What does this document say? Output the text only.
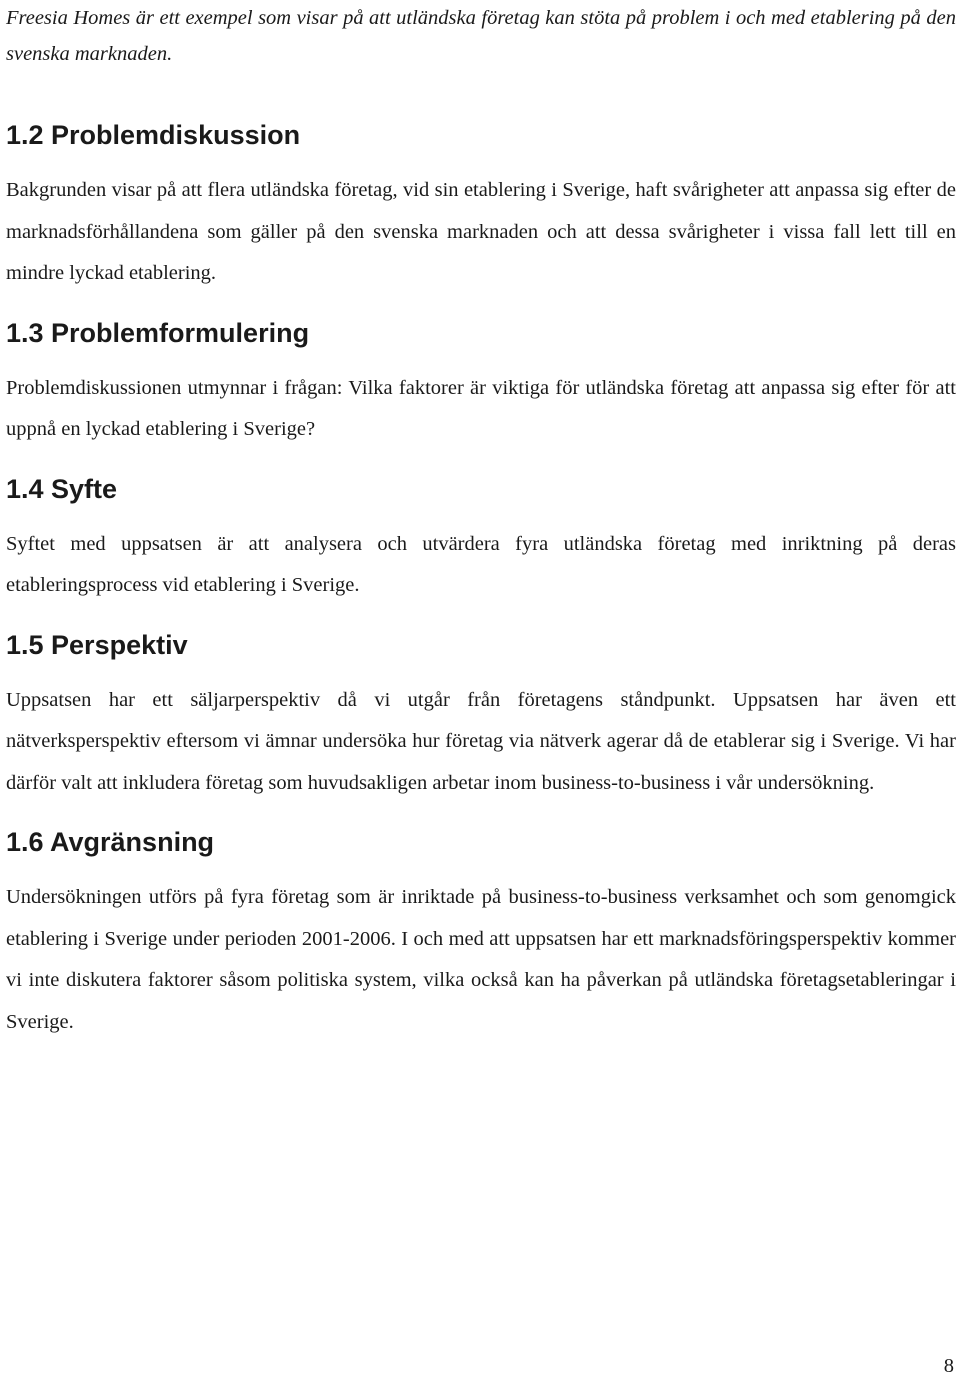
Freesia Homes är ett exempel som visar på att utländska företag kan stöta på problem i och med etablering på den svenska marknaden.

1.2 Problemdiskussion

Bakgrunden visar på att flera utländska företag, vid sin etablering i Sverige, haft svårigheter att anpassa sig efter de marknadsförhållandena som gäller på den svenska marknaden och att dessa svårigheter i vissa fall lett till en mindre lyckad etablering.

1.3 Problemformulering

Problemdiskussionen utmynnar i frågan: Vilka faktorer är viktiga för utländska företag att anpassa sig efter för att uppnå en lyckad etablering i Sverige?

1.4 Syfte

Syftet med uppsatsen är att analysera och utvärdera fyra utländska företag med inriktning på deras etableringsprocess vid etablering i Sverige.

1.5 Perspektiv

Uppsatsen har ett säljarperspektiv då vi utgår från företagens ståndpunkt. Uppsatsen har även ett nätverksperspektiv eftersom vi ämnar undersöka hur företag via nätverk agerar då de etablerar sig i Sverige. Vi har därför valt att inkludera företag som huvudsakligen arbetar inom business-to-business i vår undersökning.

1.6 Avgränsning

Undersökningen utförs på fyra företag som är inriktade på business-to-business verksamhet och som genomgick etablering i Sverige under perioden 2001-2006. I och med att uppsatsen har ett marknadsföringsperspektiv kommer vi inte diskutera faktorer såsom politiska system, vilka också kan ha påverkan på utländska företagsetableringar i Sverige.

8
